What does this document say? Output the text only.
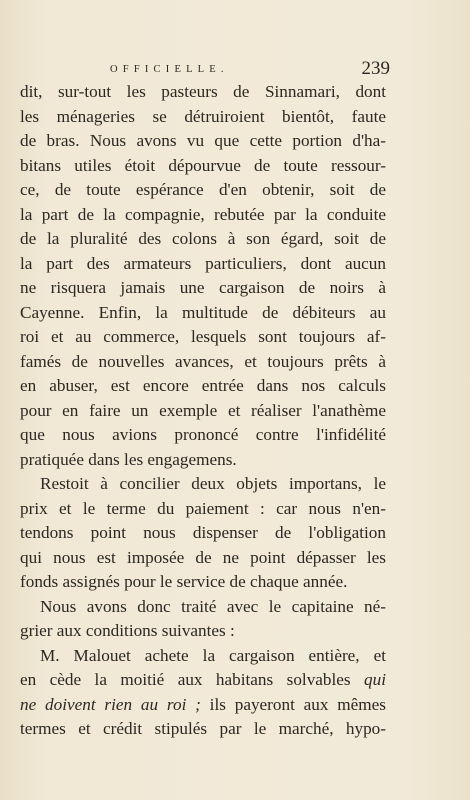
OFFICIELLE.	239
dit, sur-tout les pasteurs de Sinnamari, dont
les ménageries se détruiroient bientôt, faute
de bras. Nous avons vu que cette portion d'ha-
bitans utiles étoit dépourvue de toute ressour-
ce, de toute espérance d'en obtenir, soit de
la part de la compagnie, rebutée par la conduite
de la pluralité des colons à son égard, soit de
la part des armateurs particuliers, dont aucun
ne risquera jamais une cargaison de noirs à
Cayenne. Enfin, la multitude de débiteurs au
roi et au commerce, lesquels sont toujours af-
famés de nouvelles avances, et toujours prêts à
en abuser, est encore entrée dans nos calculs
pour en faire un exemple et réaliser l'anathème
que nous avions prononcé contre l'infidélité
pratiquée dans les engagemens.
Restoit à concilier deux objets importans, le
prix et le terme du paiement : car nous n'en-
tendons point nous dispenser de l'obligation
qui nous est imposée de ne point dépasser les
fonds assignés pour le service de chaque année.
Nous avons donc traité avec le capitaine né-
grier aux conditions suivantes :
M. Malouet achete la cargaison entière, et
en cède la moitié aux habitans solvables qui
ne doivent rien au roi ; ils payeront aux mêmes
termes et crédit stipulés par le marché, hypo-
